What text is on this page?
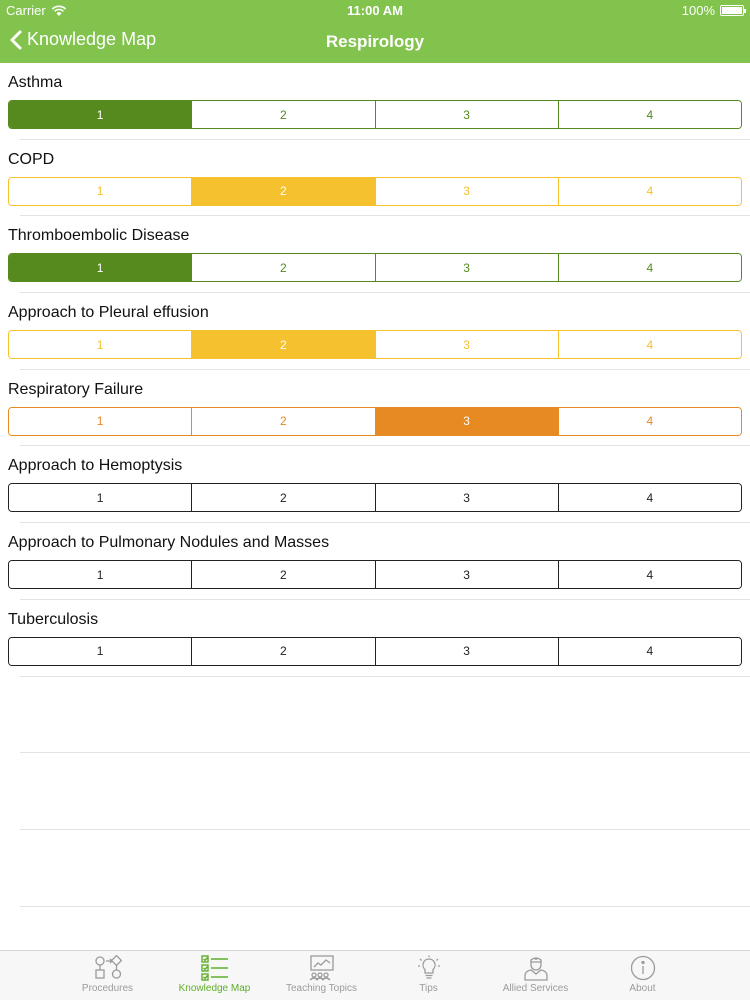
Carrier	11:00 AM	100%
Knowledge Map	Respirology
Asthma
1	2	3	4
COPD
1	2	3	4
Thromboembolic Disease
1	2	3	4
Approach to Pleural effusion
1	2	3	4
Respiratory Failure
1	2	3	4
Approach to Hemoptysis
1	2	3	4
Approach to Pulmonary Nodules and Masses
1	2	3	4
Tuberculosis
1	2	3	4
Procedures	Knowledge Map	Teaching Topics	Tips	Allied Services	About
